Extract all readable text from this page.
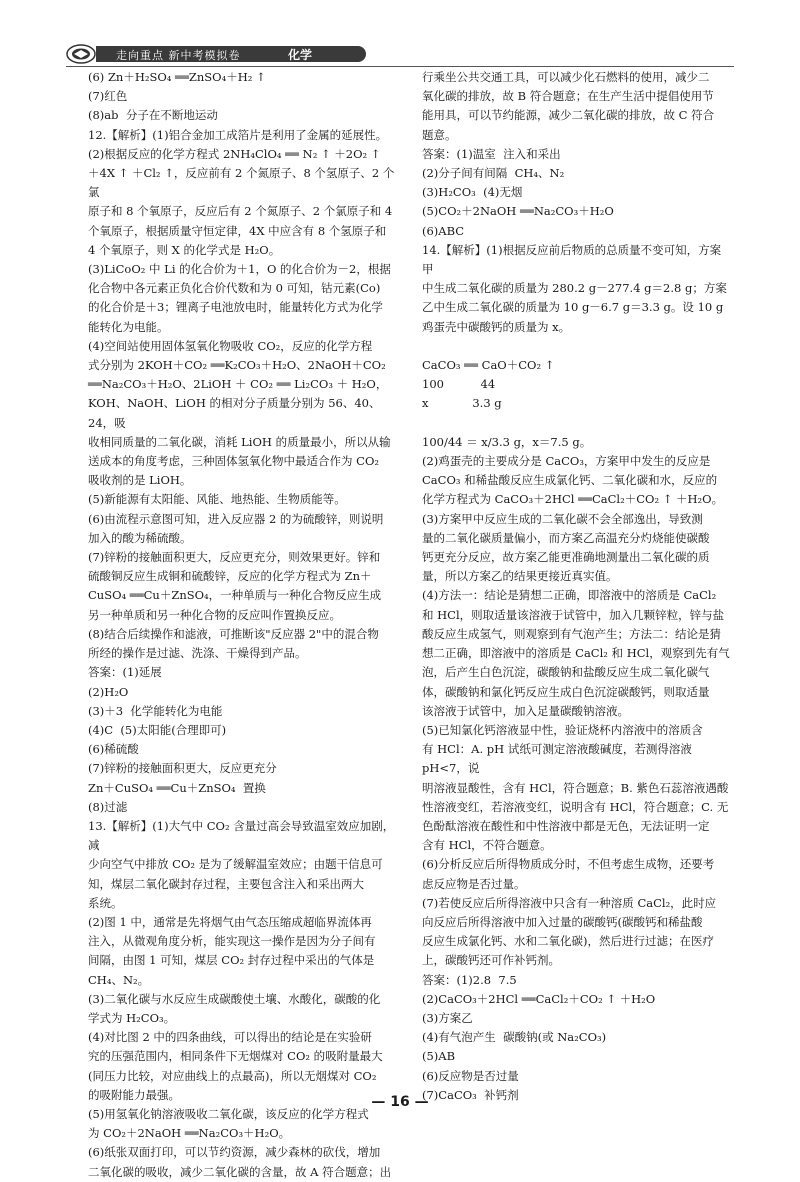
走向重点 新中考模拟卷	化学

(6) Zn＋H₂SO₄ ══ZnSO₄＋H₂ ↑

(7)红色

(8)ab  分子在不断地运动

12.【解析】(1)铝合金加工成箔片是利用了金属的延展性。

(2)根据反应的化学方程式 2NH₄ClO₄ ══ N₂ ↑ ＋2O₂ ↑

＋4X ↑ ＋Cl₂ ↑，反应前有 2 个氮原子、8 个氢原子、2 个氯

原子和 8 个氧原子，反应后有 2 个氮原子、2 个氯原子和 4

个氧原子，根据质量守恒定律，4X 中应含有 8 个氢原子和

4 个氧原子，则 X 的化学式是 H₂O。

(3)LiCoO₂ 中 Li 的化合价为＋1，O 的化合价为－2，根据

化合物中各元素正负化合价代数和为 0 可知，钴元素(Co)

的化合价是＋3；锂离子电池放电时，能量转化方式为化学

能转化为电能。

(4)空间站使用固体氢氧化物吸收 CO₂，反应的化学方程

式分别为 2KOH＋CO₂ ══K₂CO₃＋H₂O、2NaOH＋CO₂

══Na₂CO₃＋H₂O、2LiOH ＋ CO₂ ══ Li₂CO₃ ＋ H₂O，

KOH、NaOH、LiOH 的相对分子质量分别为 56、40、24，吸

收相同质量的二氧化碳，消耗 LiOH 的质量最小，所以从输

送成本的角度考虑，三种固体氢氧化物中最适合作为 CO₂

吸收剂的是 LiOH。

(5)新能源有太阳能、风能、地热能、生物质能等。

(6)由流程示意图可知，进入反应器 2 的为硫酸锌，则说明

加入的酸为稀硫酸。

(7)锌粉的接触面积更大，反应更充分，则效果更好。锌和

硫酸铜反应生成铜和硫酸锌，反应的化学方程式为 Zn＋

CuSO₄ ══Cu＋ZnSO₄，一种单质与一种化合物反应生成

另一种单质和另一种化合物的反应叫作置换反应。

(8)结合后续操作和滤液，可推断该"反应器 2"中的混合物

所经的操作是过滤、洗涤、干燥得到产品。

答案：(1)延展

(2)H₂O

(3)＋3  化学能转化为电能

(4)C  (5)太阳能(合理即可)

(6)稀硫酸

(7)锌粉的接触面积更大，反应更充分

Zn＋CuSO₄ ══Cu＋ZnSO₄  置换

(8)过滤

13.【解析】(1)大气中 CO₂ 含量过高会导致温室效应加剧，减

少向空气中排放 CO₂ 是为了缓解温室效应；由题干信息可

知，煤层二氧化碳封存过程，主要包含注入和采出两大

系统。

(2)图 1 中，通常是先将烟气由气态压缩成超临界流体再

注入，从微观角度分析，能实现这一操作是因为分子间有

间隔，由图 1 可知，煤层 CO₂ 封存过程中采出的气体是

CH₄、N₂。

(3)二氧化碳与水反应生成碳酸使土壤、水酸化，碳酸的化

学式为 H₂CO₃。

(4)对比图 2 中的四条曲线，可以得出的结论是在实验研

究的压强范围内，相同条件下无烟煤对 CO₂ 的吸附量最大

(同压力比较，对应曲线上的点最高)，所以无烟煤对 CO₂

的吸附能力最强。

(5)用氢氧化钠溶液吸收二氧化碳，该反应的化学方程式

为 CO₂＋2NaOH ══Na₂CO₃＋H₂O。

(6)纸张双面打印，可以节约资源，减少森林的砍伐，增加

二氧化碳的吸收，减少二氧化碳的含量，故 A 符合题意；出

行乘坐公共交通工具，可以减少化石燃料的使用，减少二

氧化碳的排放，故 B 符合题意；在生产生活中提倡使用节

能用具，可以节约能源，减少二氧化碳的排放，故 C 符合

题意。

答案：(1)温室  注入和采出

(2)分子间有间隔  CH₄、N₂

(3)H₂CO₃  (4)无烟

(5)CO₂＋2NaOH ══Na₂CO₃＋H₂O

(6)ABC

14.【解析】(1)根据反应前后物质的总质量不变可知，方案甲

中生成二氧化碳的质量为 280.2 g－277.4 g＝2.8 g；方案

乙中生成二氧化碳的质量为 10 g－6.7 g＝3.3 g。设 10 g

鸡蛋壳中碳酸钙的质量为 x。

CaCO₃ ══ CaO＋CO₂ ↑

100          44

x            3.3 g

100/44 ＝ x/3.3 g，x＝7.5 g。

(2)鸡蛋壳的主要成分是 CaCO₃，方案甲中发生的反应是

CaCO₃ 和稀盐酸反应生成氯化钙、二氧化碳和水，反应的

化学方程式为 CaCO₃＋2HCl ══CaCl₂＋CO₂ ↑ ＋H₂O。

(3)方案甲中反应生成的二氧化碳不会全部逸出，导致测

量的二氧化碳质量偏小，而方案乙高温充分灼烧能使碳酸

钙更充分反应，故方案乙能更准确地测量出二氧化碳的质

量，所以方案乙的结果更接近真实值。

(4)方法一：结论是猜想二正确，即溶液中的溶质是 CaCl₂

和 HCl，则取适量该溶液于试管中，加入几颗锌粒，锌与盐

酸反应生成氢气，则观察到有气泡产生；方法二：结论是猜

想二正确，即溶液中的溶质是 CaCl₂ 和 HCl，观察到先有气

泡，后产生白色沉淀，碳酸钠和盐酸反应生成二氧化碳气

体，碳酸钠和氯化钙反应生成白色沉淀碳酸钙，则取适量

该溶液于试管中，加入足量碳酸钠溶液。

(5)已知氯化钙溶液显中性，验证烧杯内溶液中的溶质含

有 HCl：A. pH 试纸可测定溶液酸碱度，若测得溶液 pH<7，说

明溶液显酸性，含有 HCl，符合题意；B. 紫色石蕊溶液遇酸

性溶液变红，若溶液变红，说明含有 HCl，符合题意；C. 无

色酚酞溶液在酸性和中性溶液中都是无色，无法证明一定

含有 HCl，不符合题意。

(6)分析反应后所得物质成分时，不但考虑生成物，还要考

虑反应物是否过量。

(7)若使反应后所得溶液中只含有一种溶质 CaCl₂，此时应

向反应后所得溶液中加入过量的碳酸钙(碳酸钙和稀盐酸

反应生成氯化钙、水和二氧化碳)，然后进行过滤；在医疗

上，碳酸钙还可作补钙剂。

答案：(1)2.8  7.5

(2)CaCO₃＋2HCl ══CaCl₂＋CO₂ ↑ ＋H₂O

(3)方案乙

(4)有气泡产生  碳酸钠(或 Na₂CO₃)

(5)AB

(6)反应物是否过量

(7)CaCO₃  补钙剂

— 16 —
